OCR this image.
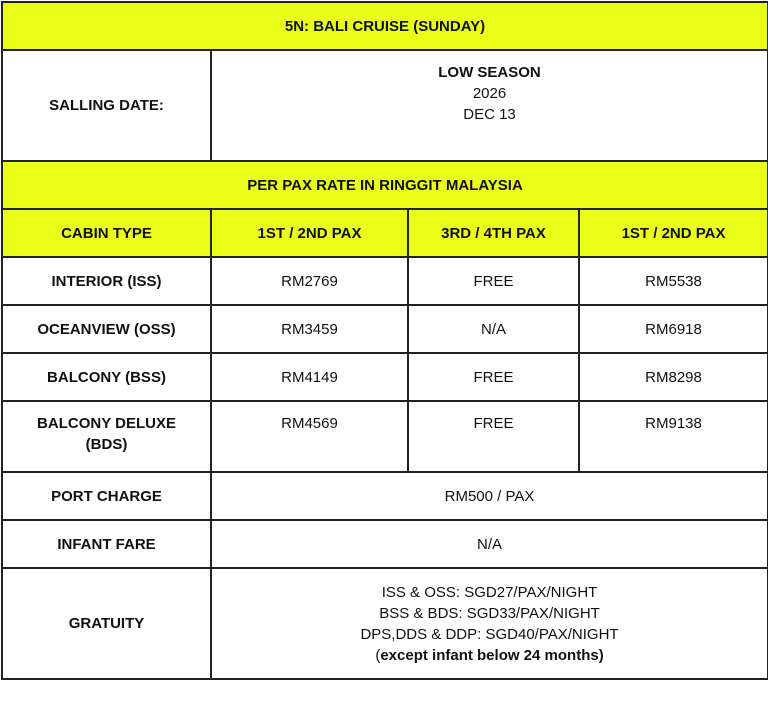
5N: BALI CRUISE (SUNDAY)			
SALLING DATE:	LOW SEASON
2026
DEC 13		

PER PAX RATE IN RINGGIT MALAYSIA			
CABIN TYPE	1ST / 2ND PAX	3RD / 4TH PAX	1ST / 2ND PAX
INTERIOR (ISS)	RM2769	FREE	RM5538
OCEANVIEW (OSS)	RM3459	N/A	RM6918
BALCONY (BSS)	RM4149	FREE	RM8298

BALCONY DELUXE
(BDS)	RM4569	FREE	RM9138
PORT CHARGE	RM500 / PAX		
INFANT FARE	N/A		
GRATUITY	ISS & OSS: SGD27/PAX/NIGHT
BSS & BDS: SGD33/PAX/NIGHT
DPS,DDS & DDP: SGD40/PAX/NIGHT
(except infant below 24 months)		
